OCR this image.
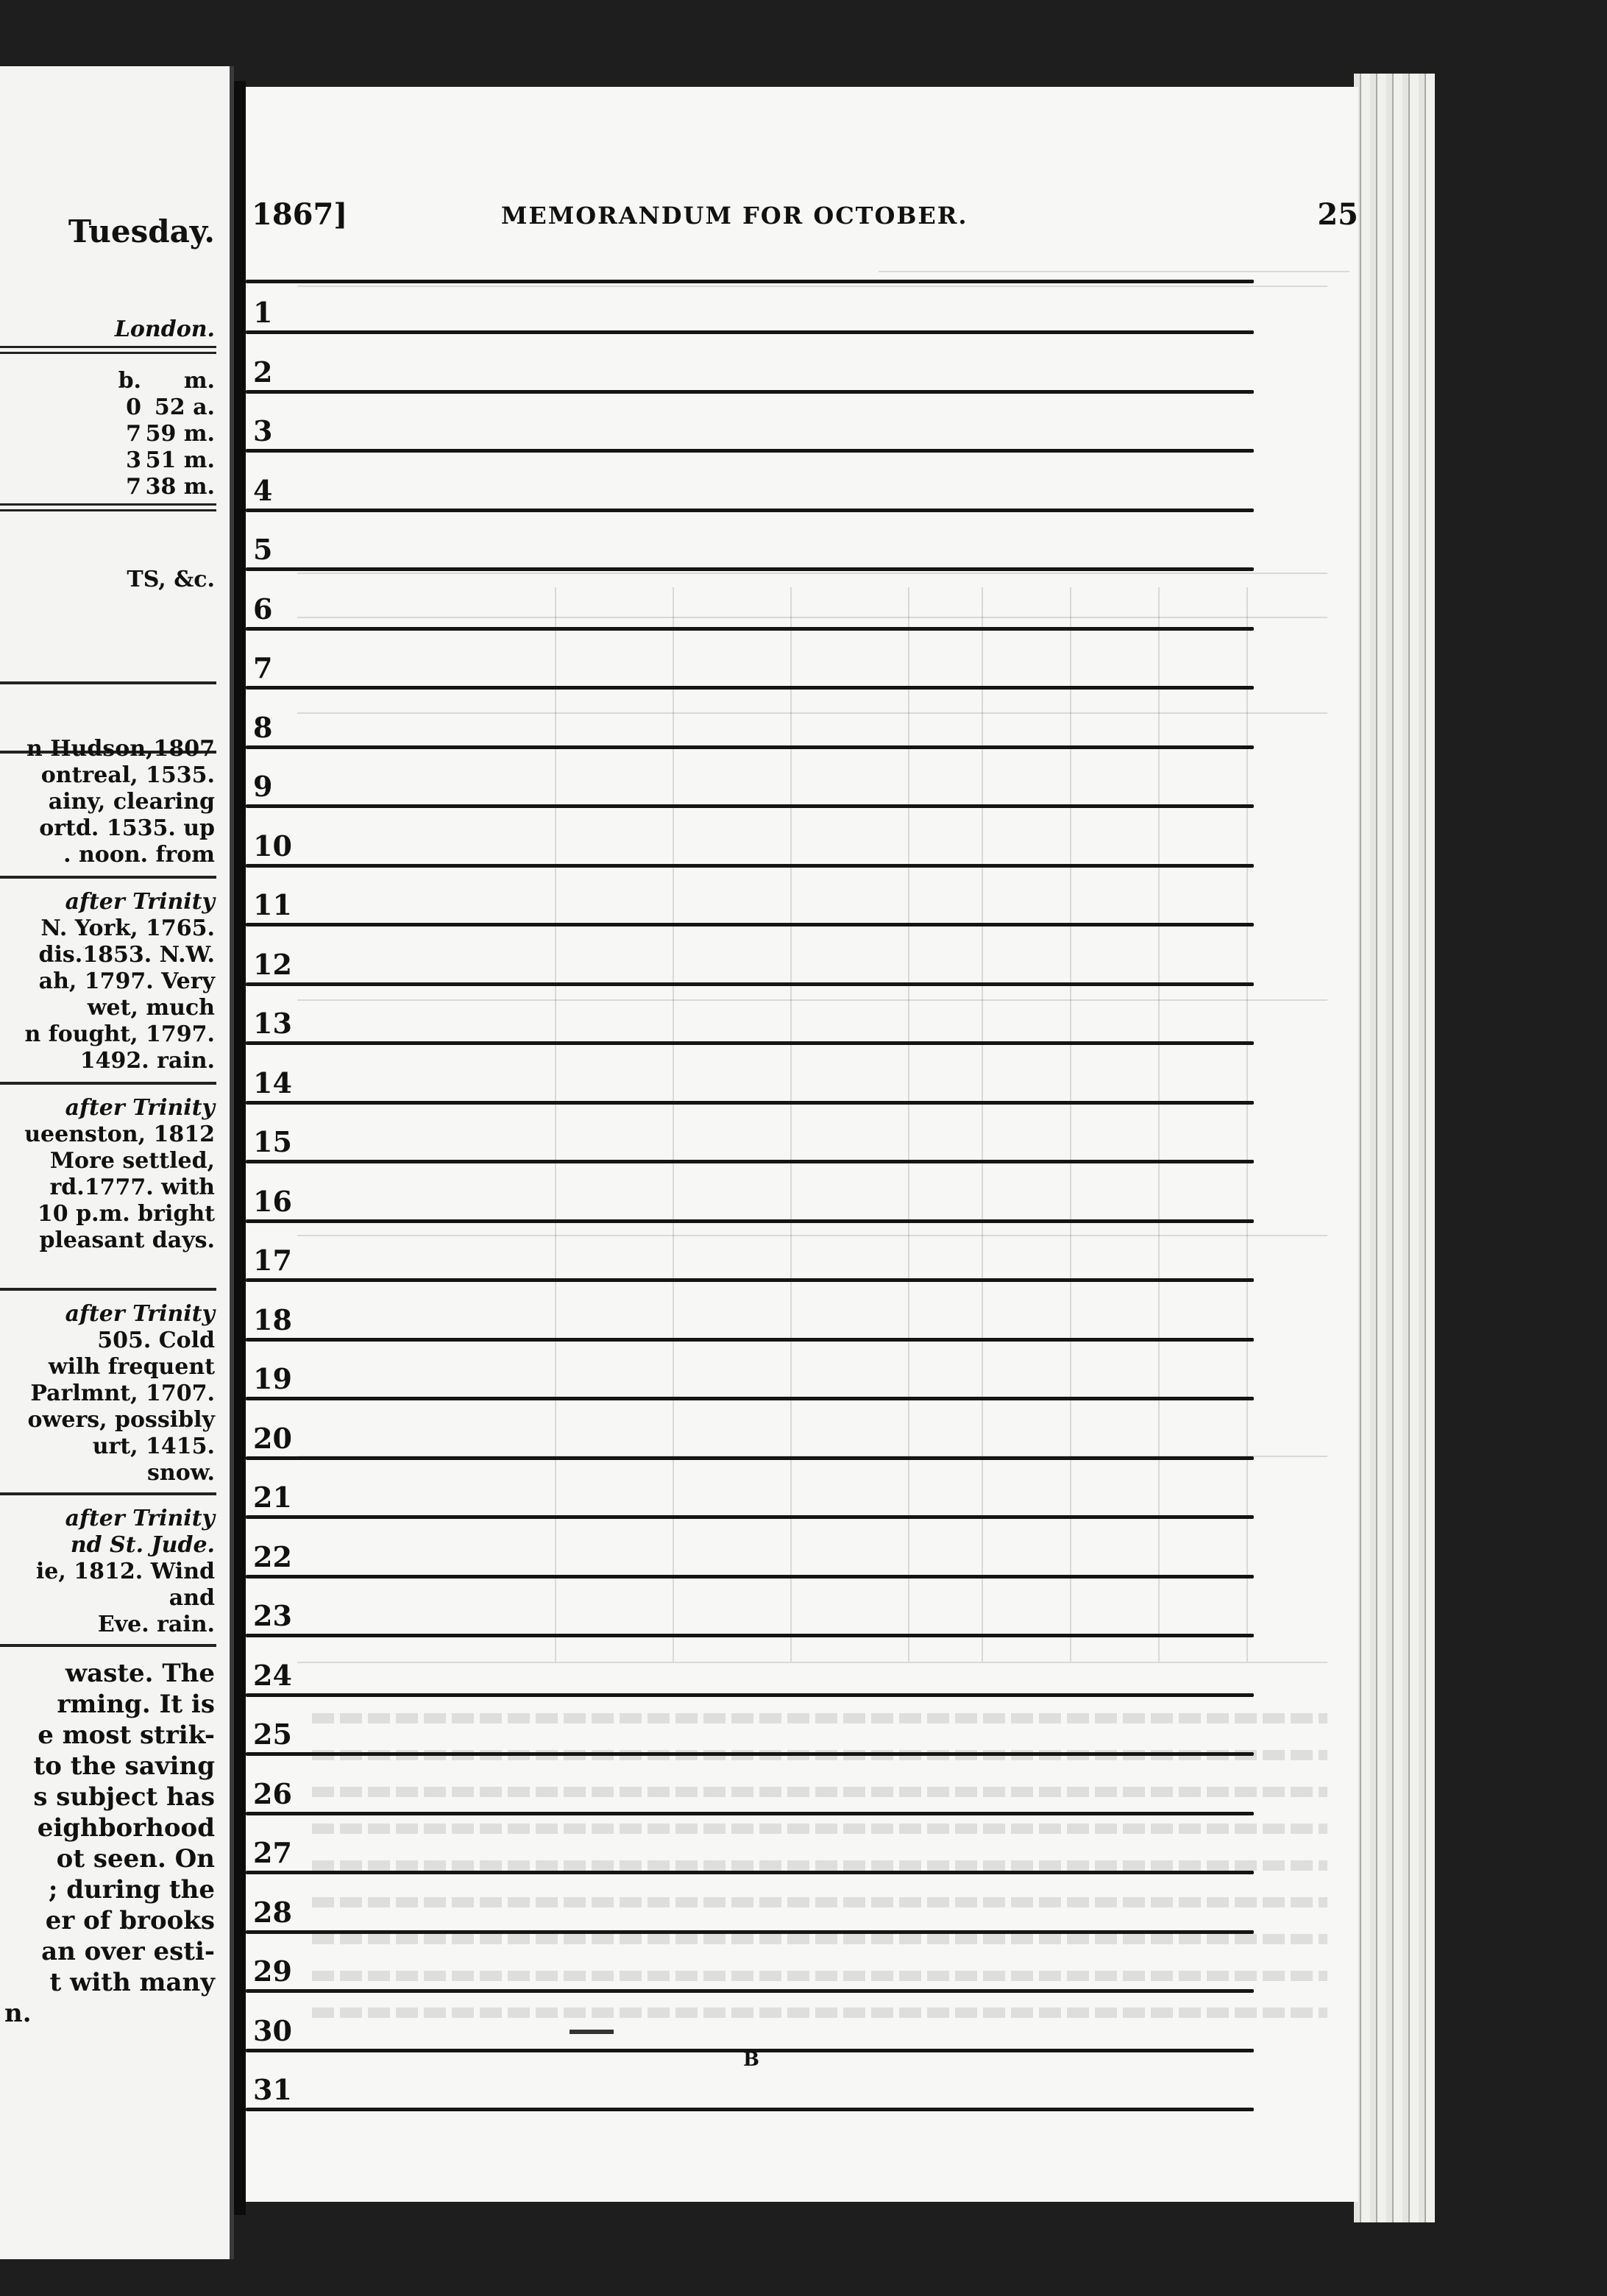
Tuesday.
London.
b. m.
0 52 a.
7 59 m.
3 51 m.
7 38 m.
TS, &c.
n Hudson,1807
ontreal, 1535.
ainy, clearing
ortd. 1535. up
. noon. from
after Trinity
N. York, 1765.
dis.1853. N.W.
ah, 1797. Very
wet, much
n fought, 1797.
1492. rain.
after Trinity
ueenston, 1812
More settled,
rd.1777. with
10 p.m. bright
pleasant days.
after Trinity
505. Cold
wilh frequent
Parlmnt, 1707.
owers, possibly
urt, 1415.
snow.
after Trinity
nd St. Jude.
ie, 1812. Wind
and
Eve. rain.
waste. The
rming. It is
e most strik-
to the saving
s subject has
eighborhood
ot seen. On
; during the
er of brooks
an over esti-
t with many
n.
1867]	MEMORANDUM FOR OCTOBER.	25
1
2
3
4
5
6
7
8
9
10
11
12
13
14
15
16
17
18
19
20
21
22
23
24
25
26
27
28
29
30
31
B
